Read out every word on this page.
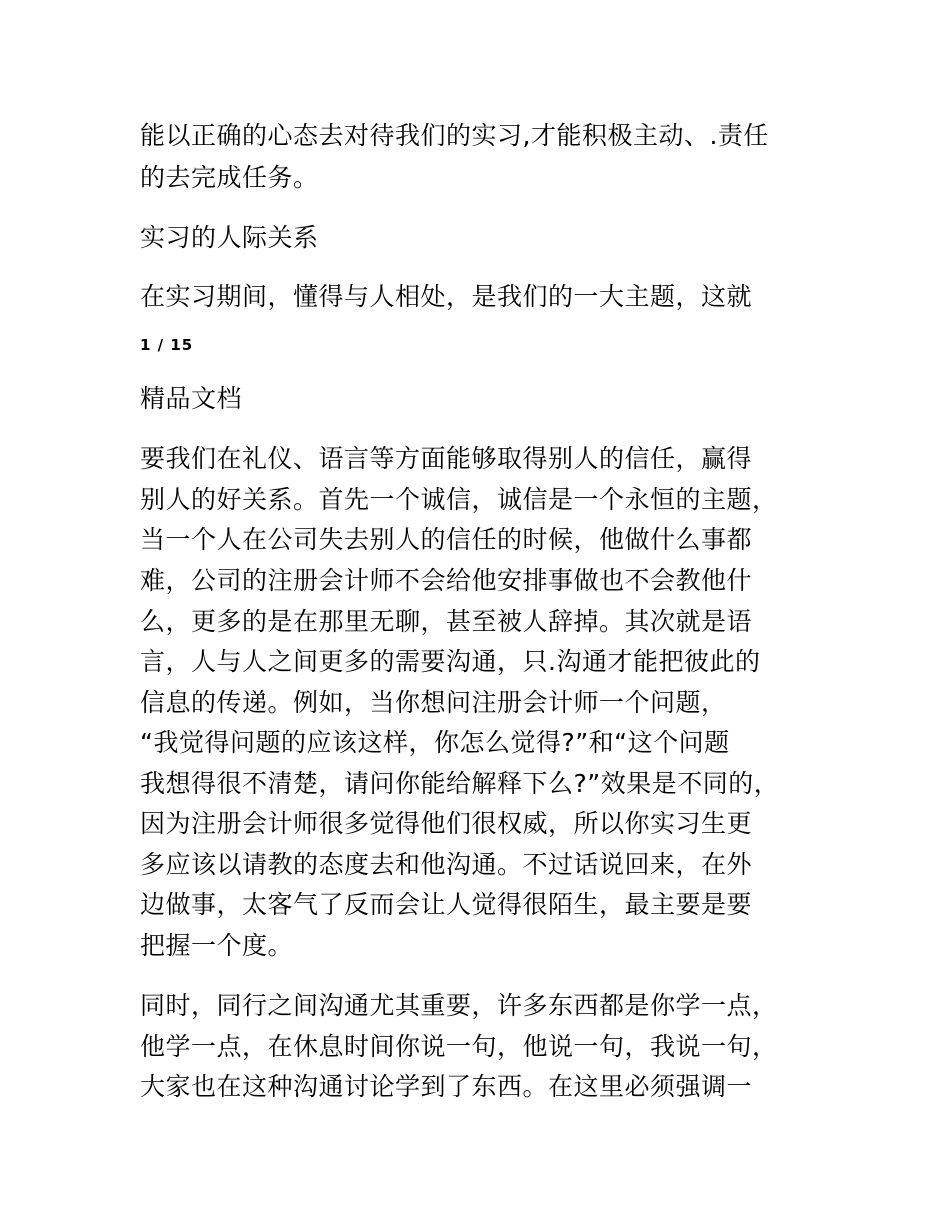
能以正确的心态去对待我们的实习,才能积极主动、.责任
的去完成任务。
实习的人际关系
在实习期间，懂得与人相处，是我们的一大主题，这就
1 / 15
精品文档
要我们在礼仪、语言等方面能够取得别人的信任，赢得
别人的好关系。首先一个诚信，诚信是一个永恒的主题，
当一个人在公司失去别人的信任的时候，他做什么事都
难，公司的注册会计师不会给他安排事做也不会教他什
么，更多的是在那里无聊，甚至被人辞掉。其次就是语
言，人与人之间更多的需要沟通，只.沟通才能把彼此的
信息的传递。例如，当你想问注册会计师一个问题，
“我觉得问题的应该这样，你怎么觉得?”和“这个问题
我想得很不清楚，请问你能给解释下么?”效果是不同的，
因为注册会计师很多觉得他们很权威，所以你实习生更
多应该以请教的态度去和他沟通。不过话说回来，在外
边做事，太客气了反而会让人觉得很陌生，最主要是要
把握一个度。
同时，同行之间沟通尤其重要，许多东西都是你学一点，
他学一点，在休息时间你说一句，他说一句，我说一句，
大家也在这种沟通讨论学到了东西。在这里必须强调一
